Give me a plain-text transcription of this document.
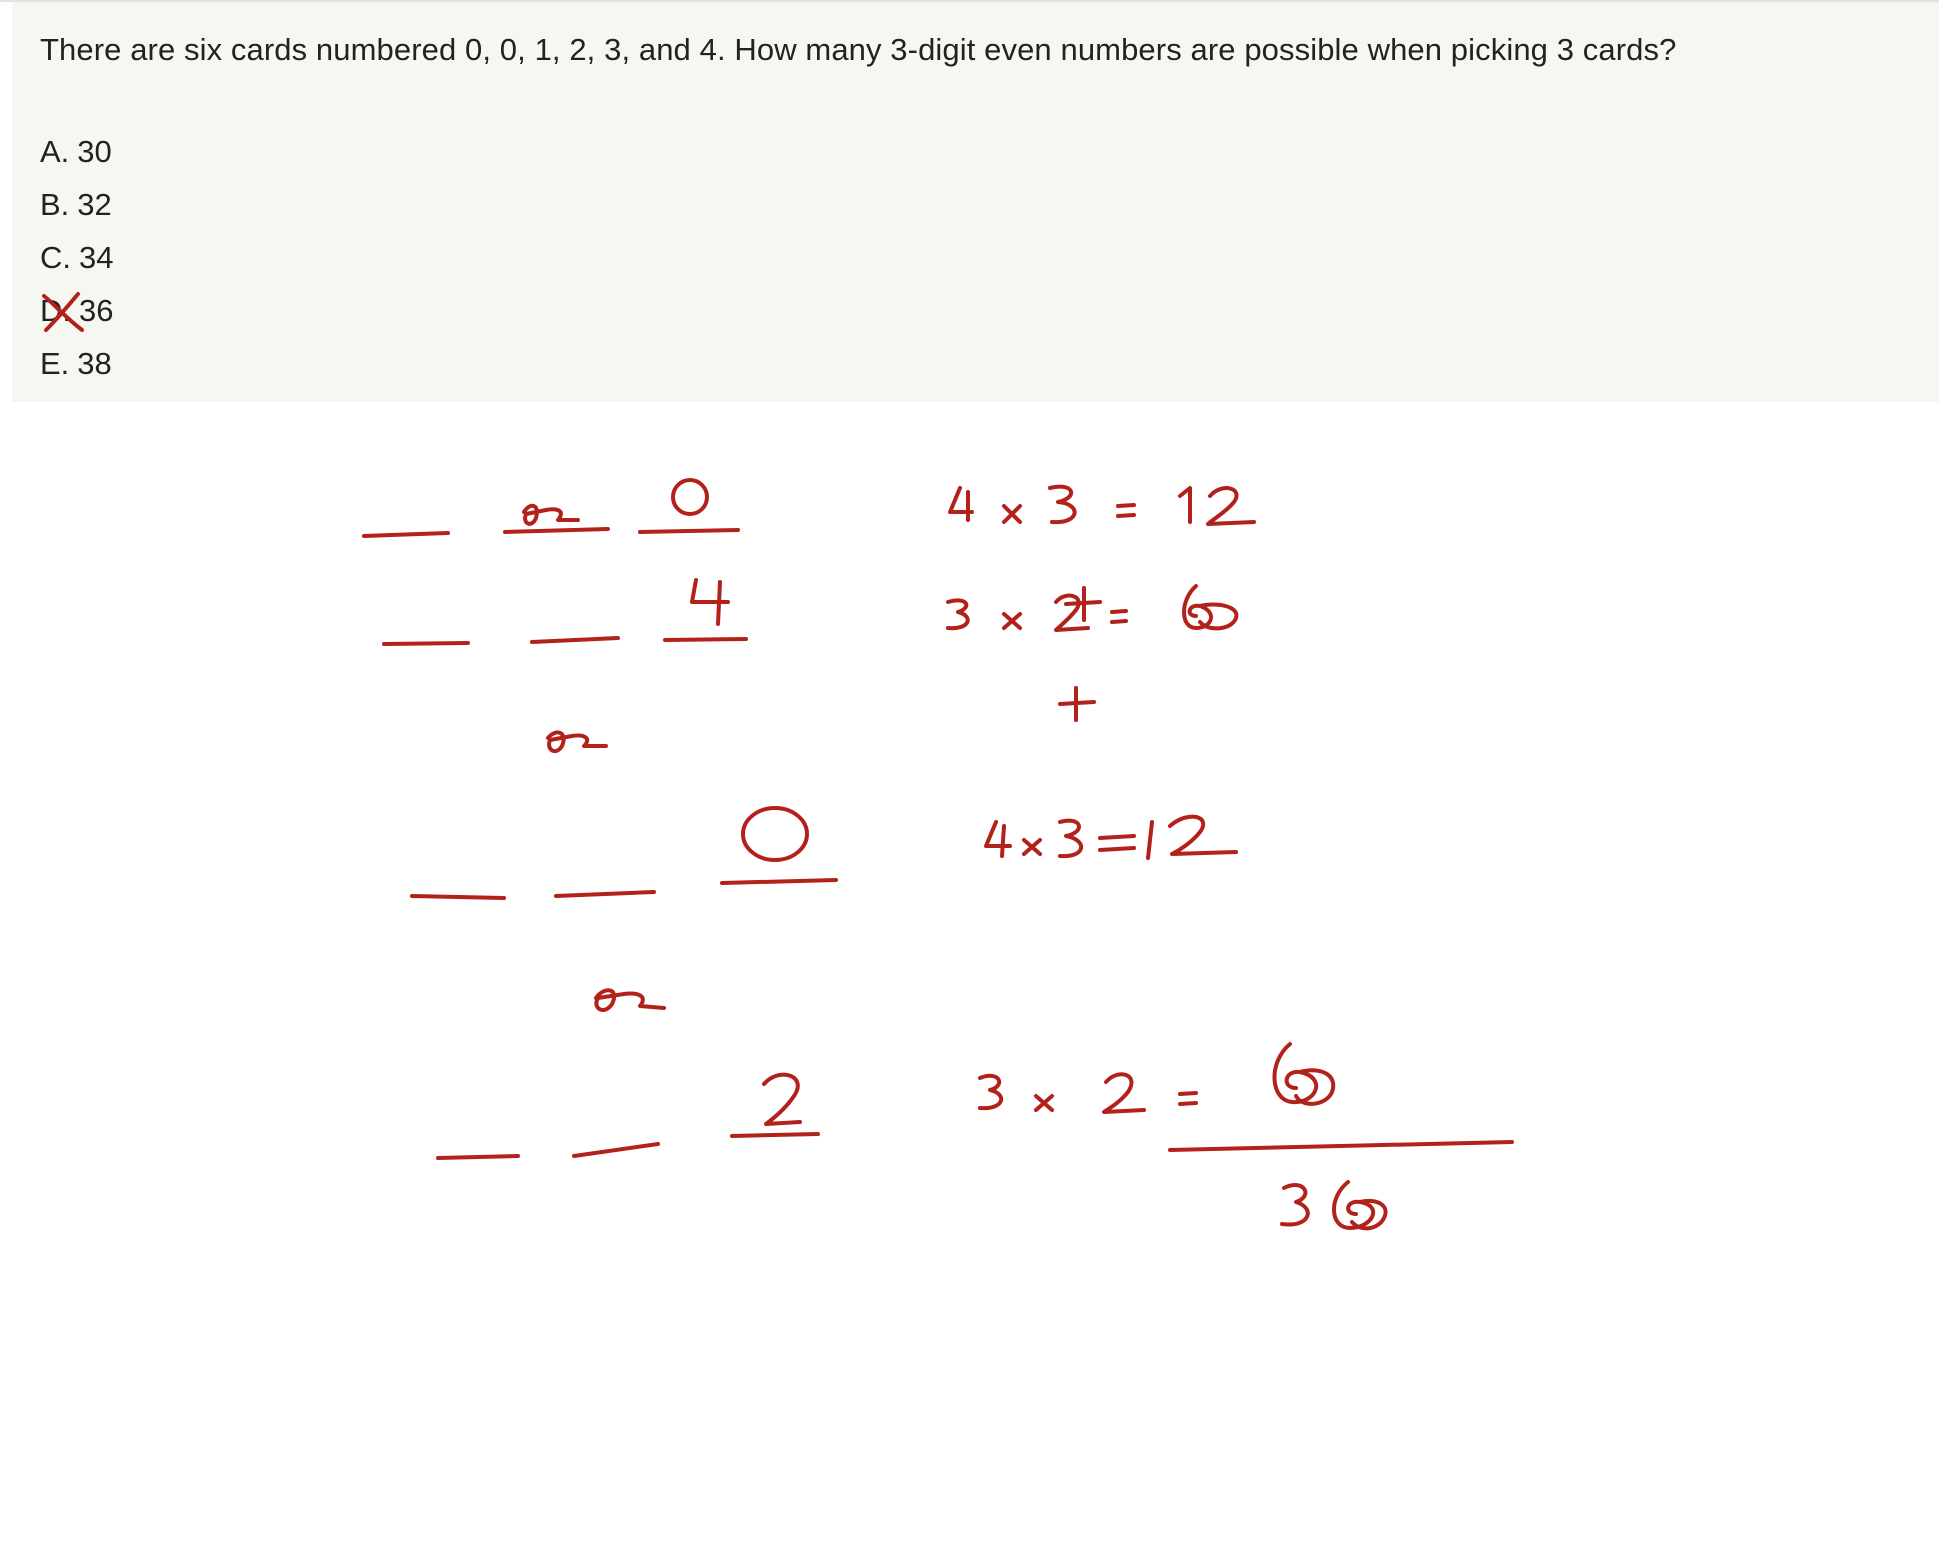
There are six cards numbered 0, 0, 1, 2, 3, and 4. How many 3-digit even numbers are possible when picking 3 cards?
A. 30
B. 32
C. 34
D. 36
E. 38
